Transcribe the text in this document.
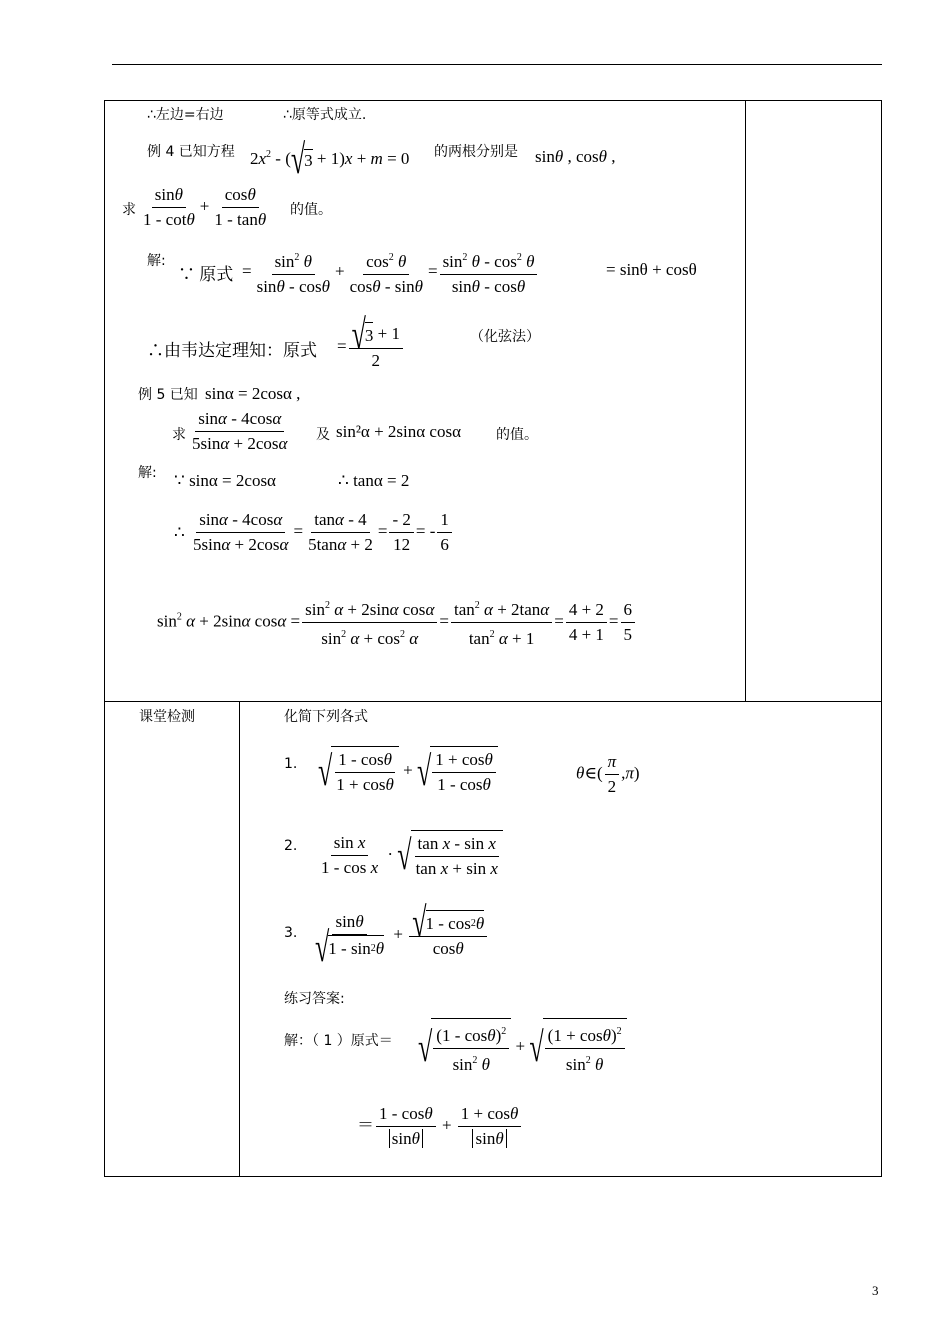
∴左边=右边	∴原等式成立.
例 4 已知方程 $2x^2$ - ( √ 3 + 1)x + m = 0 的两根分别是 sinθ , cosθ ,
求 $\frac{\sin\theta}{1 - \cot\theta} + \frac{\cos\theta}{1 - \tan\theta}$ 的值。
解:
∵ 原式 = $\frac{\sin^2 \theta}{\sin\theta - \cos\theta} + \frac{\cos^2 \theta}{\cos\theta - \sin\theta} = \frac{\sin^2 \theta - \cos^2 \theta}{\sin\theta - \cos\theta}$	= sinθ + cosθ
∴由韦达定理知：原式 = $\frac{√ 3 + 1}{2}$	（化弦法）
例 5 已知 sinα = 2cosα ,
求 $\frac{\sin\alpha - 4\cos\alpha}{5\sin\alpha + 2\cos\alpha}$ 及 sin²α + 2sinα cosα	的值。
解: ∵ sinα = 2cosα	∴ tanα = 2
∴ $\frac{\sin\alpha - 4\cos\alpha}{5\sin\alpha + 2\cos\alpha} = \frac{\tan\alpha - 4}{5\tan\alpha + 2} = \frac{- 2}{12}$ = - $\frac{1}{6}$
$\sin^2 \alpha + 2\sin\alpha$ $\cos\alpha = \frac{\sin^2 \alpha + 2\sin\alpha \cos\alpha}{\sin^2 \alpha + \cos^2 \alpha} = \frac{\tan^2 \alpha + 2\tan\alpha}{\tan^2 \alpha + 1} = \frac{4 + 2}{4 + 1} = \frac{6}{5}$
课堂检测	化简下列各式
1. √ $\frac{1 - \cos\theta}{1 + \cos\theta}$ + √ $\frac{1 + \cos\theta}{1 - \cos\theta}$	θ∈( $\frac{\pi}{2} ,\pi$)
2. $\frac{\text{sin x}}{\text{1 - cos x}}$ · √ $\frac{\text{tan x - sin x}}{\text{tan x + sin x}}$
3. $\frac{\sin\theta}{√ 1 - \sin 2 \theta} + \frac{√ 1 - \cos 2 \theta}{\cos\theta}$
练习答案:
解：（ 1 ）原式＝ √ $\frac{(1 - \cos\theta)^2}{\sin^2 \theta}$ + √ $\frac{(1 + \cos\theta)^2}{\sin^2 \theta}$
＝ $\frac{1 - \cos\theta}{\sin\theta} + \frac{1 + \cos\theta}{\sin\theta}$
3
